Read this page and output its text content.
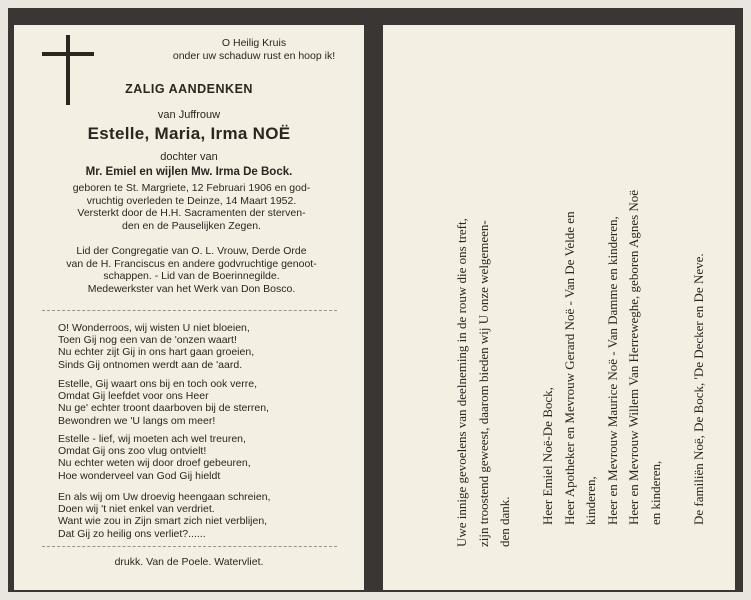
O Heilig Kruis
onder uw schaduw rust en hoop ik!
ZALIG AANDENKEN
van Juffrouw
Estelle, Maria, Irma NOË
dochter van
Mr. Emiel en wijlen Mw. Irma De Bock.
geboren te St. Margriete, 12 Februari 1906 en god-
vruchtig overleden te Deinze, 14 Maart 1952.
Versterkt door de H.H. Sacramenten der sterven-
den en de Pauselijken Zegen.
Lid der Congregatie van O. L. Vrouw, Derde Orde
van de H. Franciscus en andere godvruchtige genoot-
schappen. - Lid van de Boerinnegilde.
Medewerkster van het Werk van Don Bosco.
O! Wonderroos, wij wisten U niet bloeien,
Toen Gij nog een van de 'onzen waart!
Nu echter zijt Gij in ons hart gaan groeien,
Sinds Gij ontnomen werdt aan de 'aard.
Estelle, Gij waart ons bij en toch ook verre,
Omdat Gij leefdet voor ons Heer
Nu ge' echter troont daarboven bij de sterren,
Bewondren we 'U langs om meer!
Estelle - lief, wij moeten ach wel treuren,
Omdat Gij ons zoo vlug ontvielt!
Nu echter weten wij door droef gebeuren,
Hoe wonderveel van God Gij hieldt
En als wij om Uw droevig heengaan schreien,
Doen wij 't niet enkel van verdriet.
Want wie zou in Zijn smart zich niet verblijen,
Dat Gij zo heilig ons verliet?......
drukk. Van de Poele. Watervliet.
Uwe innige gevoelens van deelneming in de rouw die ons treft, zijn troostend geweest, daarom bieden wij U onze welgemeen- den dank. Heer Emiel Noë-De Bock, Heer Apotheker en Mevrouw Gerard Noë - Van De Velde en kinderen, Heer en Mevrouw Maurice Noë - Van Damme en kinderen, Heer en Mevrouw Willem Van Herreweghe, geboren Agnes Noë en kinderen, De familiën Noë, De Bock, 'De Decker en De Neve.
